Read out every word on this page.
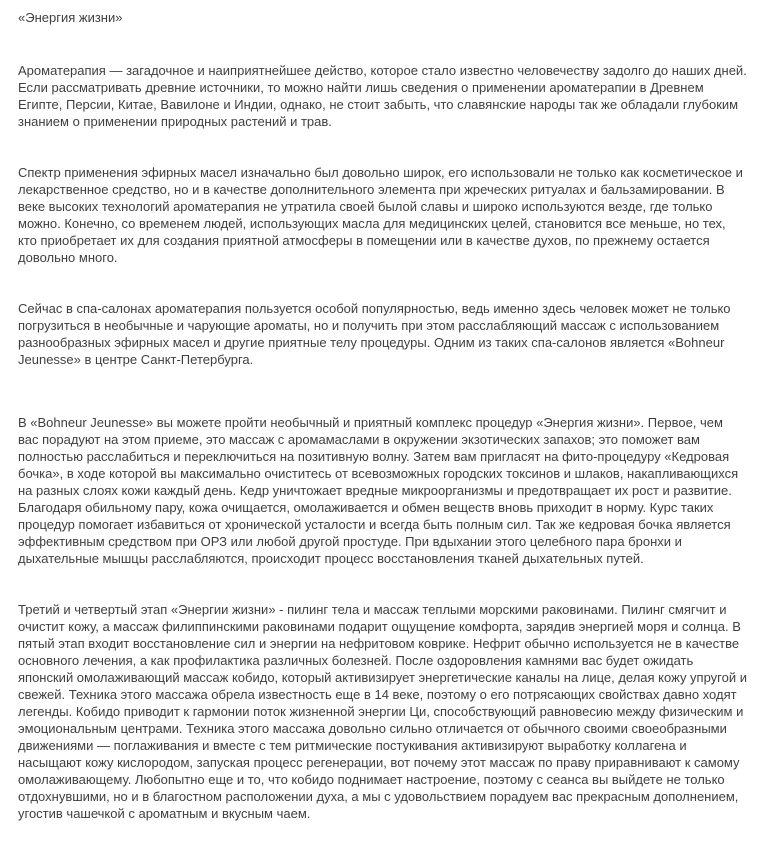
«Энергия жизни»

Ароматерапия — загадочное и наиприятнейшее действо, которое стало известно человечеству задолго до наших дней. Если рассматривать древние источники, то можно найти лишь сведения о применении ароматерапии в Древнем Египте, Персии, Китае, Вавилоне и Индии, однако, не стоит забыть, что славянские народы так же обладали глубоким знанием о применении природных растений и трав.

Спектр применения эфирных масел изначально был довольно широк, его использовали не только как косметическое и лекарственное средство, но и в качестве дополнительного элемента при жреческих ритуалах и бальзамировании. В веке высоких технологий ароматерапия не утратила своей былой славы и широко используются везде, где только можно. Конечно, со временем людей, использующих масла для медицинских целей, становится все меньше, но тех, кто приобретает их для создания приятной атмосферы в помещении или в качестве духов, по прежнему остается довольно много.

Сейчас в спа-салонах ароматерапия пользуется особой популярностью, ведь именно здесь человек может не только погрузиться в необычные и чарующие ароматы, но и получить при этом расслабляющий массаж с использованием разнообразных эфирных масел и другие приятные телу процедуры. Одним из таких спа-салонов является «Bohneur Jeunesse» в центре Санкт-Петербурга.

В «Bohneur Jeunesse» вы можете пройти необычный и приятный комплекс процедур «Энергия жизни». Первое, чем вас порадуют на этом приеме, это массаж с аромамаслами в окружении экзотических запахов; это поможет вам полностью расслабиться и переключиться на позитивную волну. Затем вам пригласят на фито-процедуру «Кедровая бочка», в ходе которой вы максимально очиститесь от всевозможных городских токсинов и шлаков, накапливающихся на разных слоях кожи каждый день. Кедр уничтожает вредные микроорганизмы и предотвращает их рост и развитие. Благодаря обильному пару, кожа очищается, омолаживается и обмен веществ вновь приходит в норму. Курс таких процедур помогает избавиться от хронической усталости и всегда быть полным сил. Так же кедровая бочка является эффективным средством при ОРЗ или любой другой простуде. При вдыхании этого целебного пара бронхи и дыхательные мышцы расслабляются, происходит процесс восстановления тканей дыхательных путей.

Третий и четвертый этап «Энергии жизни» - пилинг тела и массаж теплыми морскими раковинами. Пилинг смягчит и очистит кожу, а массаж филиппинскими раковинами подарит ощущение комфорта, зарядив энергией моря и солнца. В пятый этап входит восстановление сил и энергии на нефритовом коврике. Нефрит обычно используется не в качестве основного лечения, а как профилактика различных болезней. После оздоровления камнями вас будет ожидать японский омолаживающий массаж кобидо, который активизирует энергетические каналы на лице, делая кожу упругой и свежей. Техника этого массажа обрела известность еще в 14 веке, поэтому о его потрясающих свойствах давно ходят легенды. Кобидо приводит к гармонии поток жизненной энергии Ци, способствующий равновесию между физическим и эмоциональным центрами. Техника этого массажа довольно сильно отличается от обычного своими своеобразными движениями — поглаживания и вместе с тем ритмические постукивания активизируют выработку коллагена и насыщают кожу кислородом, запуская процесс регенерации, вот почему этот массаж по праву приравнивают к самому омолаживающему. Любопытно еще и то, что кобидо поднимает настроение, поэтому с сеанса вы выйдете не только отдохнувшими, но и в благостном расположении духа, а мы с удовольствием порадуем вас прекрасным дополнением, угостив чашечкой с ароматным и вкусным чаем.
